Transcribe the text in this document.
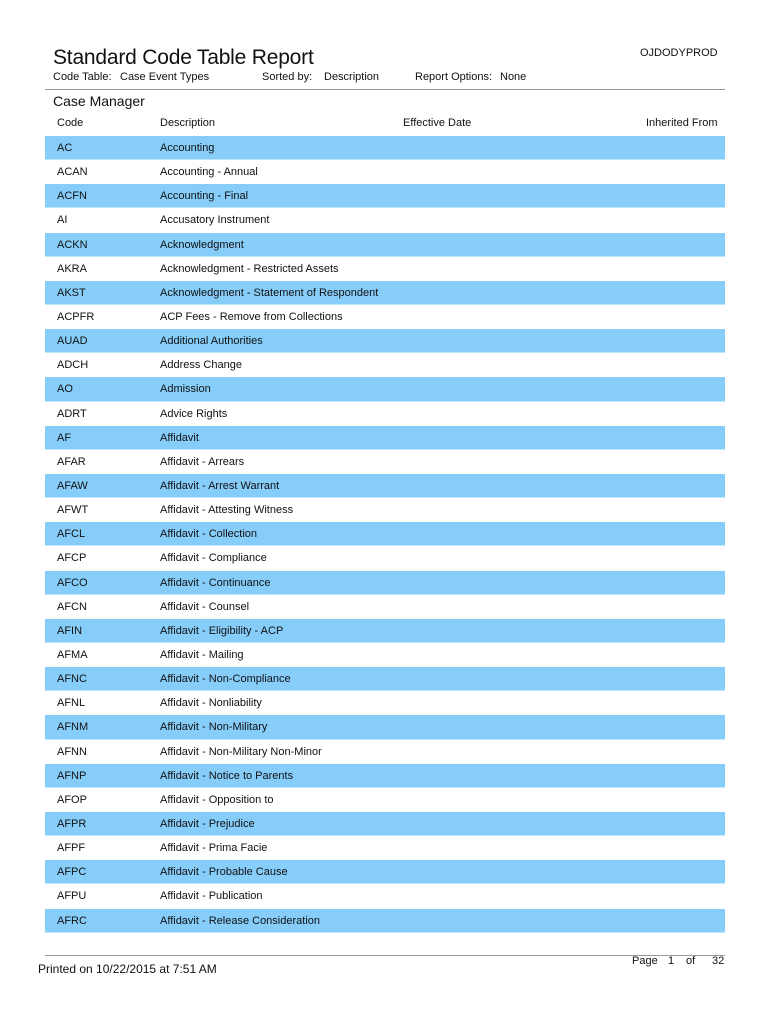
Standard Code Table Report	OJDODYPROD
Code Table: Case Event Types	Sorted by: Description	Report Options: None
Case Manager
Code	Description	Effective Date	Inherited From
AC	Accounting
ACAN	Accounting - Annual
ACFN	Accounting - Final
AI	Accusatory Instrument
ACKN	Acknowledgment
AKRA	Acknowledgment - Restricted Assets
AKST	Acknowledgment - Statement of Respondent
ACPFR	ACP Fees - Remove from Collections
AUAD	Additional Authorities
ADCH	Address Change
AO	Admission
ADRT	Advice Rights
AF	Affidavit
AFAR	Affidavit - Arrears
AFAW	Affidavit - Arrest Warrant
AFWT	Affidavit - Attesting Witness
AFCL	Affidavit - Collection
AFCP	Affidavit - Compliance
AFCO	Affidavit - Continuance
AFCN	Affidavit - Counsel
AFIN	Affidavit - Eligibility - ACP
AFMA	Affidavit - Mailing
AFNC	Affidavit - Non-Compliance
AFNL	Affidavit - Nonliability
AFNM	Affidavit - Non-Military
AFNN	Affidavit - Non-Military Non-Minor
AFNP	Affidavit - Notice to Parents
AFOP	Affidavit - Opposition to
AFPR	Affidavit - Prejudice
AFPF	Affidavit - Prima Facie
AFPC	Affidavit - Probable Cause
AFPU	Affidavit - Publication
AFRC	Affidavit - Release Consideration
Printed on 10/22/2015 at 7:51 AM
Page 1 of 32
